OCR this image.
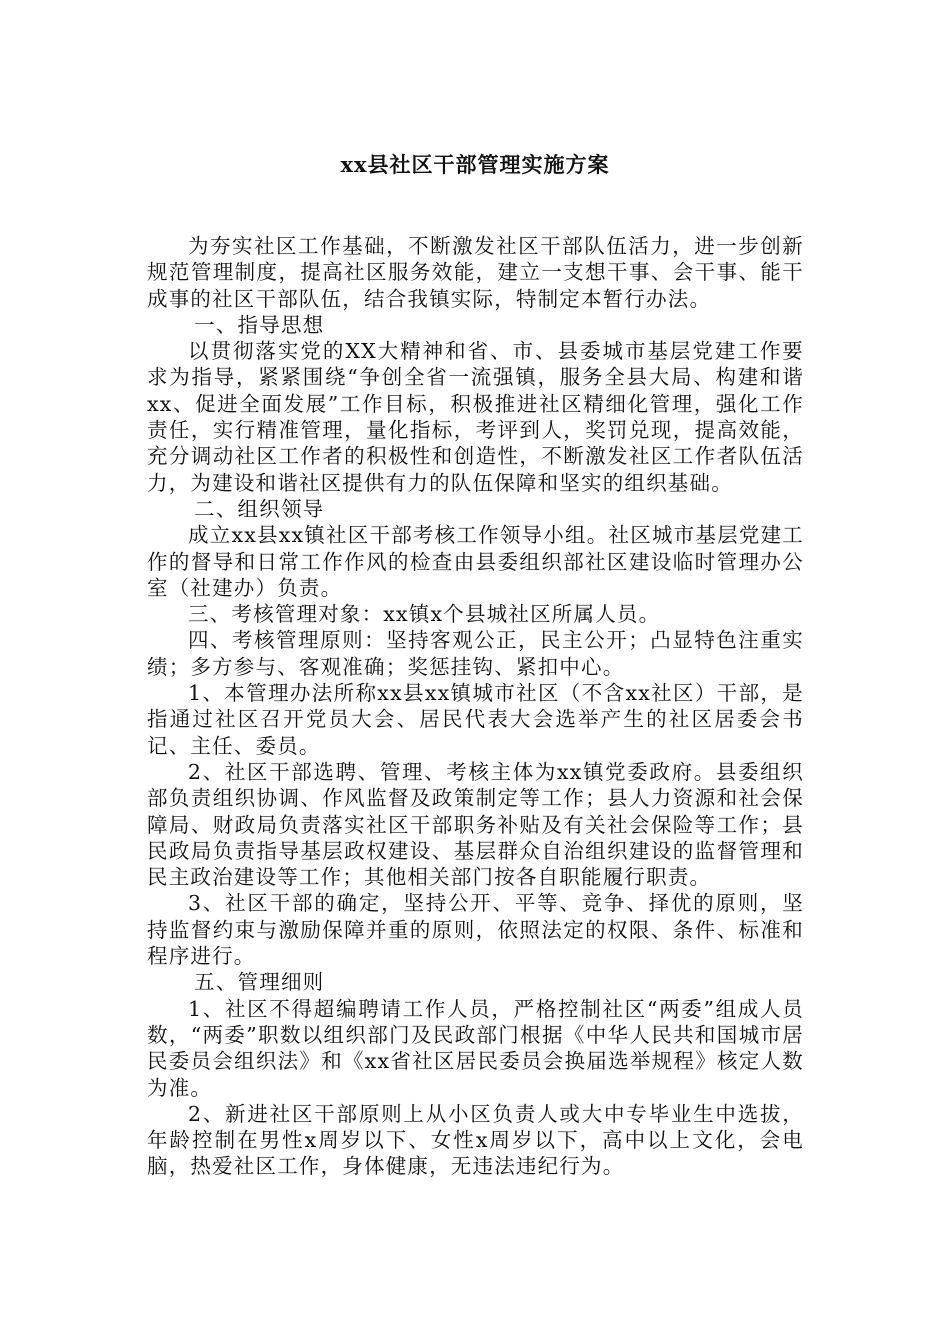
xx县社区干部管理实施方案

为夯实社区工作基础，不断激发社区干部队伍活力，进一步创新规范管理制度，提高社区服务效能，建立一支想干事、会干事、能干成事的社区干部队伍，结合我镇实际，特制定本暂行办法。

一、指导思想

以贯彻落实党的XX大精神和省、市、县委城市基层党建工作要求为指导，紧紧围绕“争创全省一流强镇，服务全县大局、构建和谐xx、促进全面发展”工作目标，积极推进社区精细化管理，强化工作责任，实行精准管理，量化指标，考评到人，奖罚兑现，提高效能，充分调动社区工作者的积极性和创造性，不断激发社区工作者队伍活力，为建设和谐社区提供有力的队伍保障和坚实的组织基础。

二、组织领导

成立xx县xx镇社区干部考核工作领导小组。社区城市基层党建工作的督导和日常工作作风的检查由县委组织部社区建设临时管理办公室（社建办）负责。

三、考核管理对象：xx镇x个县城社区所属人员。

四、考核管理原则：坚持客观公正，民主公开；凸显特色注重实绩；多方参与、客观准确；奖惩挂钩、紧扣中心。

1、本管理办法所称xx县xx镇城市社区（不含xx社区）干部，是指通过社区召开党员大会、居民代表大会选举产生的社区居委会书记、主任、委员。

2、社区干部选聘、管理、考核主体为xx镇党委政府。县委组织部负责组织协调、作风监督及政策制定等工作；县人力资源和社会保障局、财政局负责落实社区干部职务补贴及有关社会保险等工作；县民政局负责指导基层政权建设、基层群众自治组织建设的监督管理和民主政治建设等工作；其他相关部门按各自职能履行职责。

3、社区干部的确定，坚持公开、平等、竞争、择优的原则，坚持监督约束与激励保障并重的原则，依照法定的权限、条件、标准和程序进行。

五、管理细则

1、社区不得超编聘请工作人员，严格控制社区“两委”组成人员数，“两委”职数以组织部门及民政部门根据《中华人民共和国城市居民委员会组织法》和《xx省社区居民委员会换届选举规程》核定人数为准。

2、新进社区干部原则上从小区负责人或大中专毕业生中选拔，年龄控制在男性x周岁以下、女性x周岁以下，高中以上文化，会电脑，热爱社区工作，身体健康，无违法违纪行为。
